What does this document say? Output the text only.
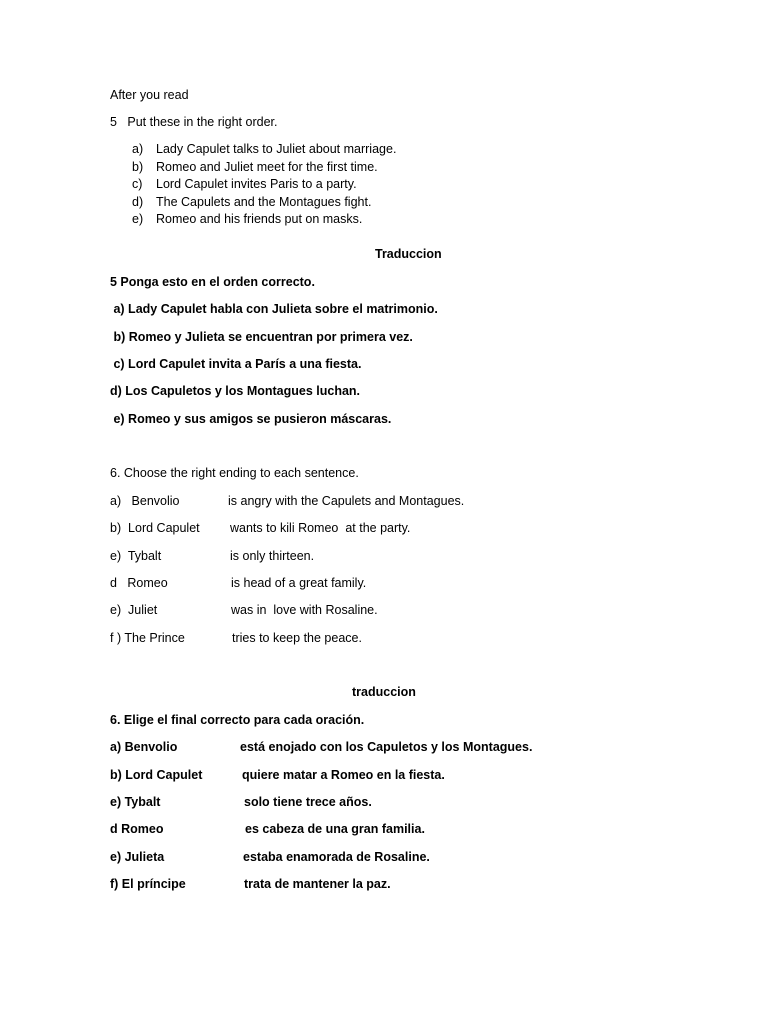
After you read
5   Put these in the right order.
a) Lady Capulet talks to Juliet about marriage.
b) Romeo and Juliet meet for the first time.
c) Lord Capulet invites Paris to a party.
d) The Capulets and the Montagues fight.
e) Romeo and his friends put on masks.
Traduccion
5 Ponga esto en el orden correcto.
a) Lady Capulet habla con Julieta sobre el matrimonio.
b) Romeo y Julieta se encuentran por primera vez.
c) Lord Capulet invita a París a una fiesta.
d) Los Capuletos y los Montagues luchan.
e) Romeo y sus amigos se pusieron máscaras.
6. Choose the right ending to each sentence.
a)   Benvolio	is angry with the Capulets and Montagues.
b)  Lord Capulet wants to kili Romeo  at the party.
e)  Tybalt	is only thirteen.
d   Romeo	is head of a great family.
e)  Juliet	was in  love with Rosaline.
f ) The Prince	tries to keep the peace.
traduccion
6. Elige el final correcto para cada oración.
a) Benvolio	está enojado con los Capuletos y los Montagues.
b) Lord Capulet	quiere matar a Romeo en la fiesta.
e) Tybalt	solo tiene trece años.
d Romeo	es cabeza de una gran familia.
e) Julieta	estaba enamorada de Rosaline.
f) El príncipe	trata de mantener la paz.
